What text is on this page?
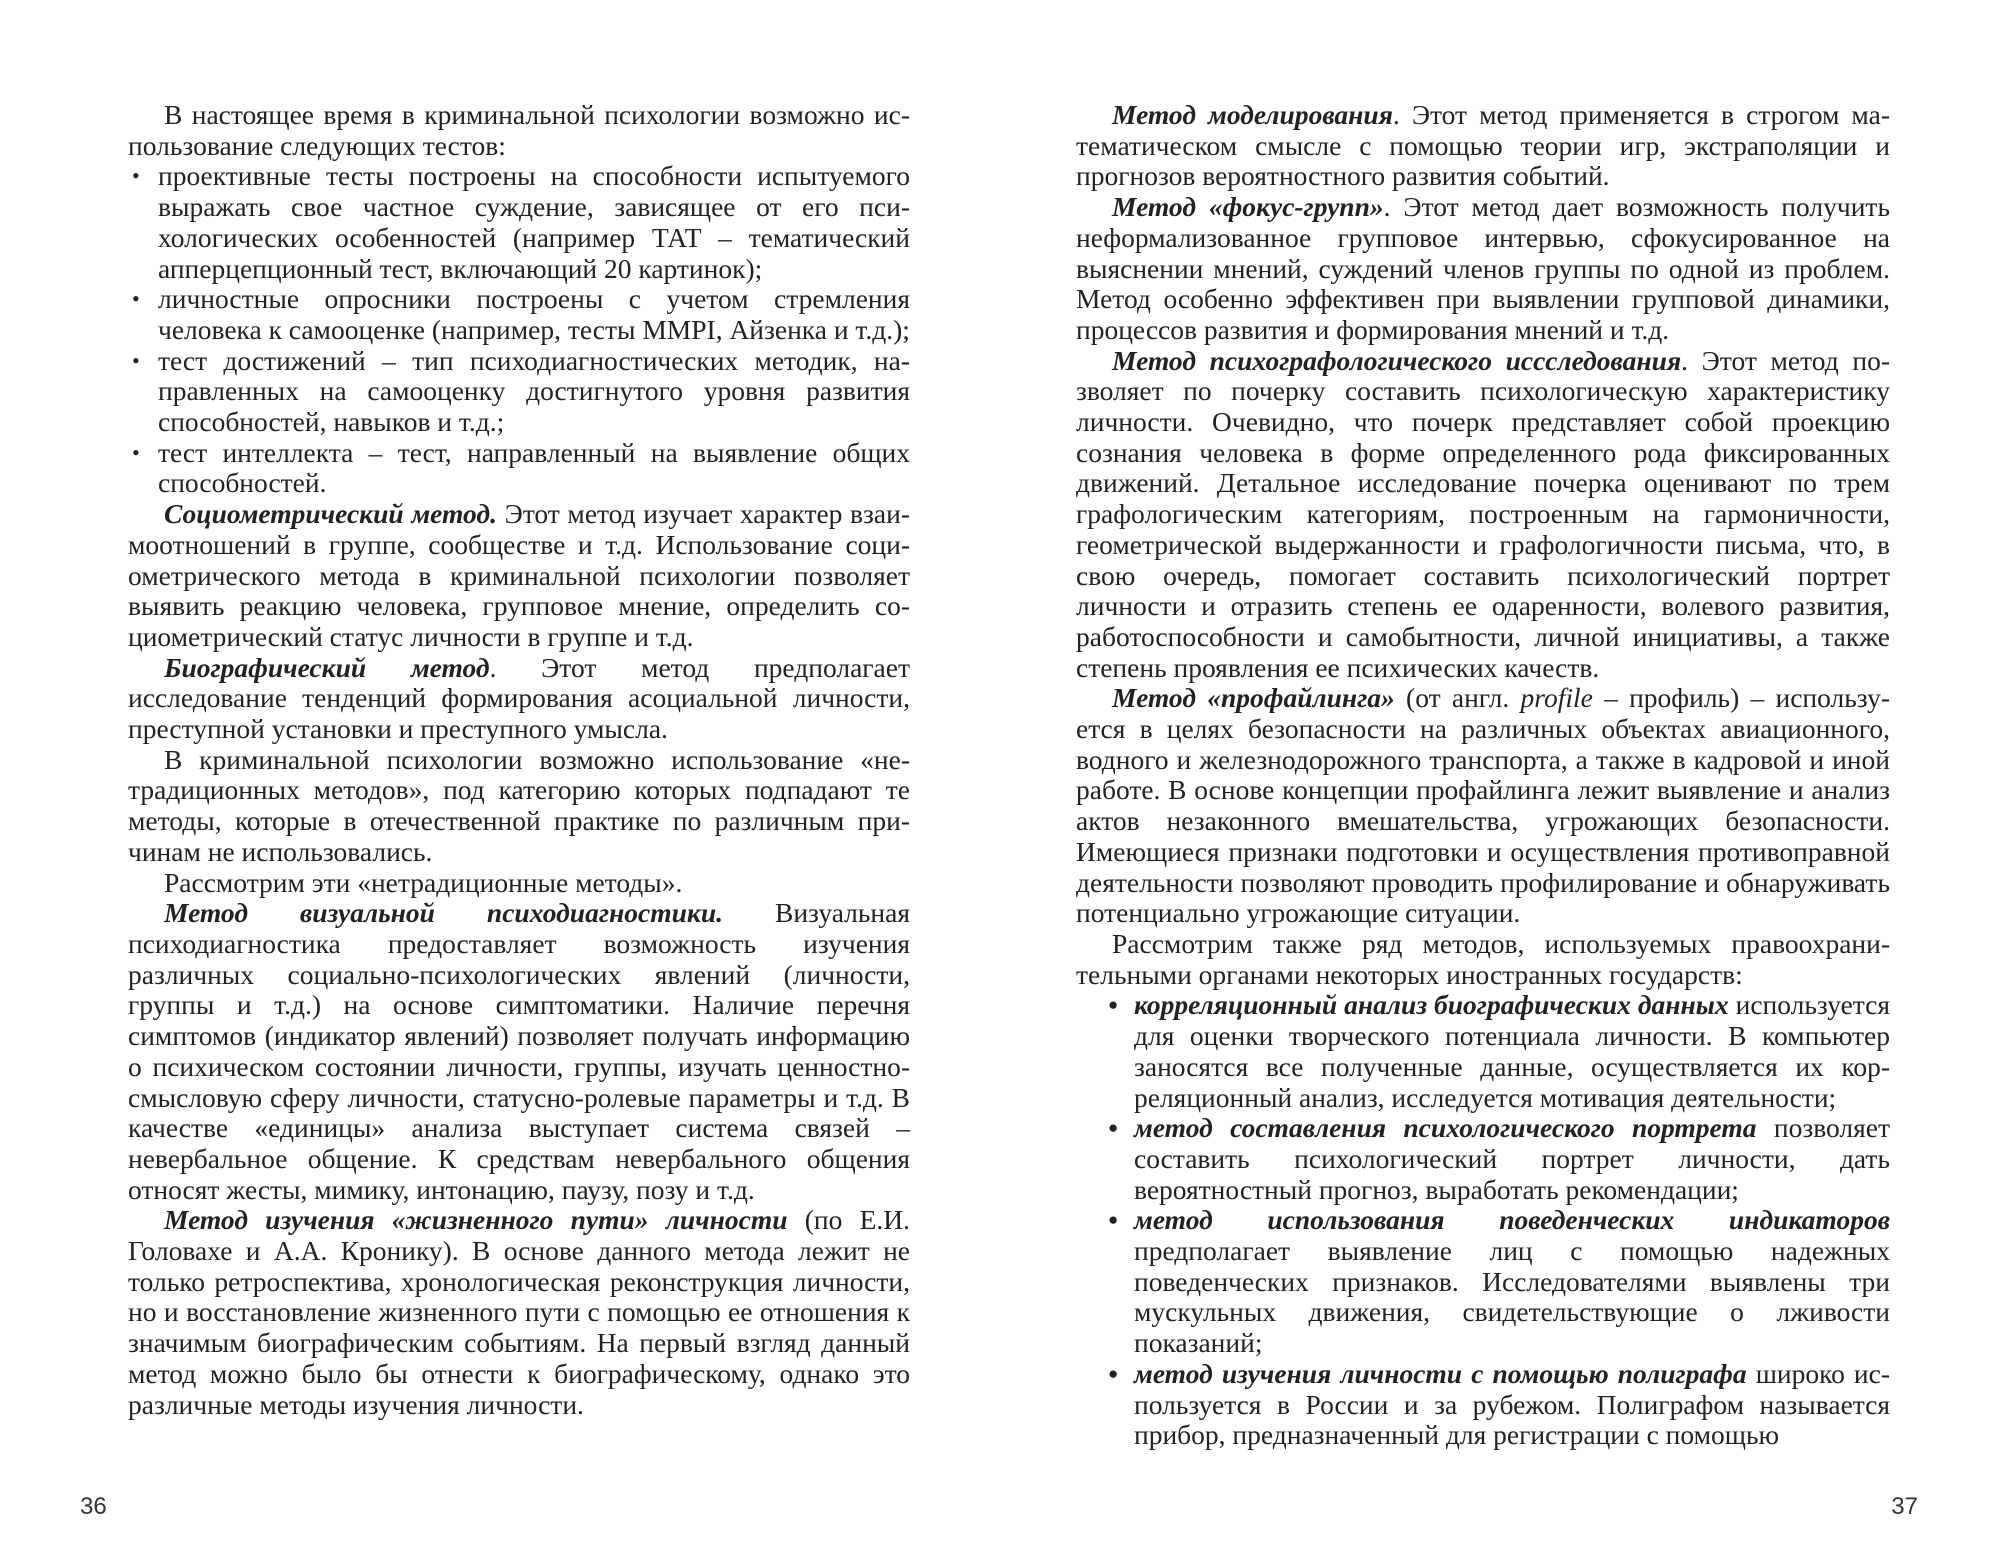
В настоящее время в криминальной психологии возможно использование следующих тестов:

• проективные тесты построены на способности испытуемого выражать свое частное суждение, зависящее от его психологических особенностей (например ТАТ – тематический апперцепционный тест, включающий 20 картинок);
• личностные опросники построены с учетом стремления человека к самооценке (например, тесты MMPI, Айзенка и т.д.);
• тест достижений – тип психодиагностических методик, направленных на самооценку достигнутого уровня развития способностей, навыков и т.д.;
• тест интеллекта – тест, направленный на выявление общих способностей.

Социометрический метод. Этот метод изучает характер взаимоотношений в группе, сообществе и т.д. Использование социометрического метода в криминальной психологии позволяет выявить реакцию человека, групповое мнение, определить социометрический статус личности в группе и т.д.

Биографический метод. Этот метод предполагает исследование тенденций формирования асоциальной личности, преступной установки и преступного умысла.

В криминальной психологии возможно использование «нетрадиционных методов», под категорию которых подпадают те методы, которые в отечественной практике по различным причинам не использовались.

Рассмотрим эти «нетрадиционные методы».

Метод визуальной психодиагностики. Визуальная психодиагностика предоставляет возможность изучения различных социально-психологических явлений (личности, группы и т.д.) на основе симптоматики. Наличие перечня симптомов (индикатор явлений) позволяет получать информацию о психическом состоянии личности, группы, изучать ценностно-смысловую сферу личности, статусно-ролевые параметры и т.д. В качестве «единицы» анализа выступает система связей – невербальное общение. К средствам невербального общения относят жесты, мимику, интонацию, паузу, позу и т.д.

Метод изучения «жизненного пути» личности (по Е.И. Головахе и А.А. Кронику). В основе данного метода лежит не только ретроспектива, хронологическая реконструкция личности, но и восстановление жизненного пути с помощью ее отношения к значимым биографическим событиям. На первый взгляд данный метод можно было бы отнести к биографическому, однако это различные методы изучения личности.

36

Метод моделирования. Этот метод применяется в строгом математическом смысле с помощью теории игр, экстраполяции и прогнозов вероятностного развития событий.

Метод «фокус-групп». Этот метод дает возможность получить неформализованное групповое интервью, сфокусированное на выяснении мнений, суждений членов группы по одной из проблем. Метод особенно эффективен при выявлении групповой динамики, процессов развития и формирования мнений и т.д.

Метод психографологического иссследования. Этот метод позволяет по почерку составить психологическую характеристику личности. Очевидно, что почерк представляет собой проекцию сознания человека в форме определенного рода фиксированных движений. Детальное исследование почерка оценивают по трем графологическим категориям, построенным на гармоничности, геометрической выдержанности и графологичности письма, что, в свою очередь, помогает составить психологический портрет личности и отразить степень ее одаренности, волевого развития, работоспособности и самобытности, личной инициативы, а также степень проявления ее психических качеств.

Метод «профайлинга» (от англ. profile – профиль) – используется в целях безопасности на различных объектах авиационного, водного и железнодорожного транспорта, а также в кадровой и иной работе. В основе концепции профайлинга лежит выявление и анализ актов незаконного вмешательства, угрожающих безопасности. Имеющиеся признаки подготовки и осуществления противоправной деятельности позволяют проводить профилирование и обнаруживать потенциально угрожающие ситуации.

Рассмотрим также ряд методов, используемых правоохранительными органами некоторых иностранных государств:

● корреляционный анализ биографических данных используется для оценки творческого потенциала личности. В компьютер заносятся все полученные данные, осуществляется их корреляционный анализ, исследуется мотивация деятельности;
● метод составления психологического портрета позволяет составить психологический портрет личности, дать вероятностный прогноз, выработать рекомендации;
● метод использования поведенческих индикаторов предполагает выявление лиц с помощью надежных поведенческих признаков. Исследователями выявлены три мускульных движения, свидетельствующие о лживости показаний;
● метод изучения личности с помощью полиграфа широко используется в России и за рубежом. Полиграфом называется прибор, предназначенный для регистрации с помощью
37
